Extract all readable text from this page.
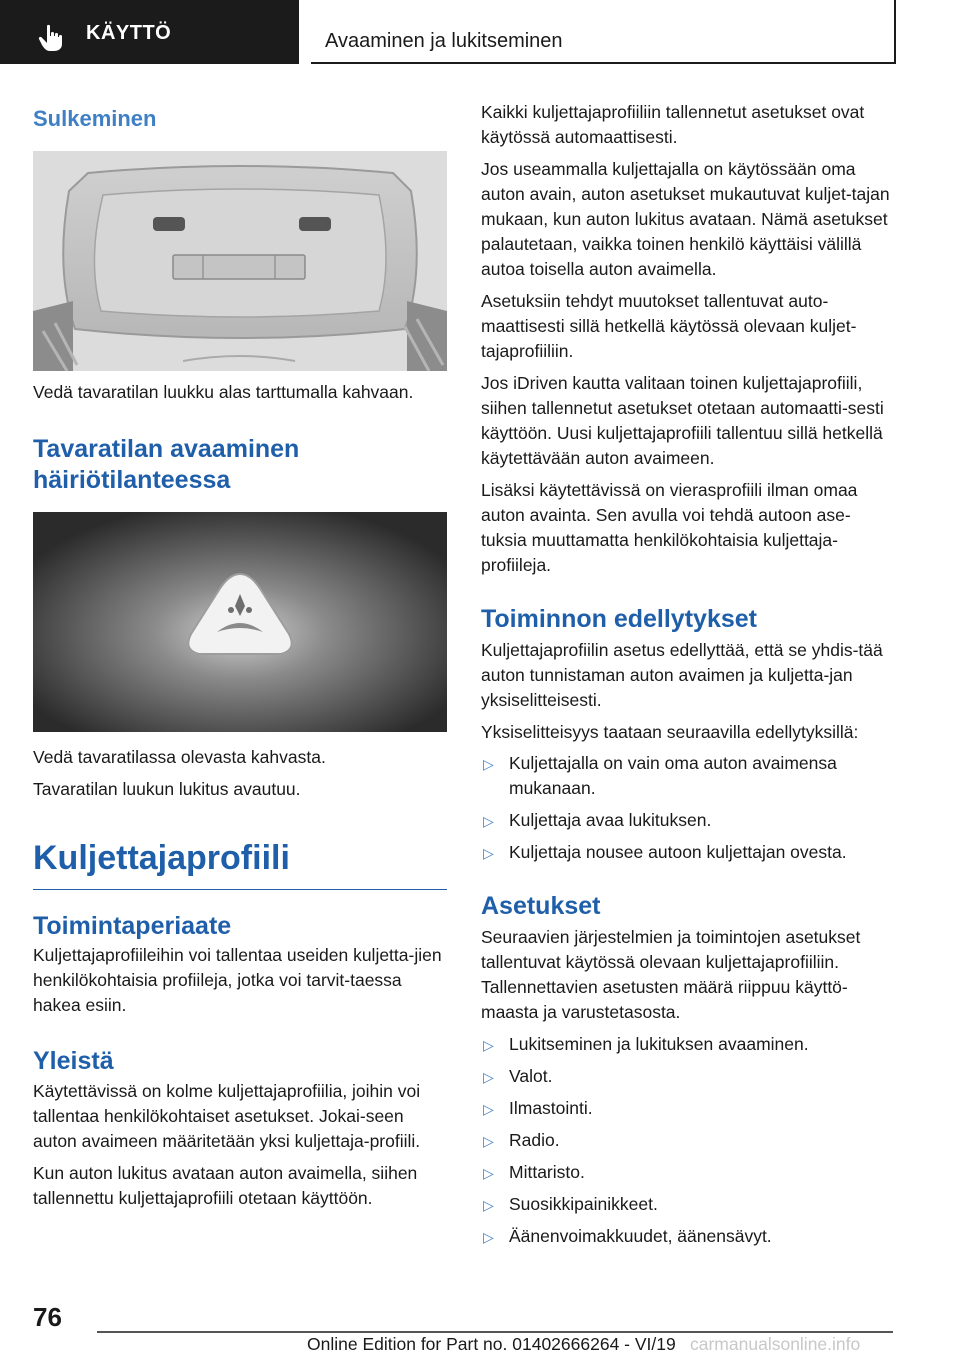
KÄYTTÖ	Avaaminen ja lukitseminen
Sulkeminen

Vedä tavaratilan luukku alas tarttumalla kahvaan.

Tavaratilan avaaminen häiriötilanteessa

Vedä tavaratilassa olevasta kahvasta.

Tavaratilan luukun lukitus avautuu.

Kuljettajaprofiili
Toimintaperiaate

Kuljettajaprofiileihin voi tallentaa useiden kuljetta-jien henkilökohtaisia profiileja, jotka voi tarvit-taessa hakea esiin.

Yleistä

Käytettävissä on kolme kuljettajaprofiilia, joihin voi tallentaa henkilökohtaiset asetukset. Jokai-seen auton avaimeen määritetään yksi kuljettaja-profiili.

Kun auton lukitus avataan auton avaimella, siihen tallennettu kuljettajaprofiili otetaan käyttöön.

Kaikki kuljettajaprofiiliin tallennetut asetukset ovat käytössä automaattisesti.

Jos useammalla kuljettajalla on käytössään oma auton avain, auton asetukset mukautuvat kuljet-tajan mukaan, kun auton lukitus avataan. Nämä asetukset palautetaan, vaikka toinen henkilö käyttäisi välillä autoa toisella auton avaimella.

Asetuksiin tehdyt muutokset tallentuvat auto-maattisesti sillä hetkellä käytössä olevaan kuljet-tajaprofiiliin.

Jos iDriven kautta valitaan toinen kuljettajaprofiili, siihen tallennetut asetukset otetaan automaatti-sesti käyttöön. Uusi kuljettajaprofiili tallentuu sillä hetkellä käytettävään auton avaimeen.

Lisäksi käytettävissä on vierasprofiili ilman omaa auton avainta. Sen avulla voi tehdä autoon ase-tuksia muuttamatta henkilökohtaisia kuljettaja-profiileja.

Toiminnon edellytykset

Kuljettajaprofiilin asetus edellyttää, että se yhdis-tää auton tunnistaman auton avaimen ja kuljetta-jan yksiselitteisesti.

Yksiselitteisyys taataan seuraavilla edellytyksillä:

▷ Kuljettajalla on vain oma auton avaimensa mukanaan.
▷ Kuljettaja avaa lukituksen.
▷ Kuljettaja nousee autoon kuljettajan ovesta.
Asetukset

Seuraavien järjestelmien ja toimintojen asetukset tallentuvat käytössä olevaan kuljettajaprofiiliin. Tallennettavien asetusten määrä riippuu käyttö-maasta ja varustetasosta.

▷ Lukitseminen ja lukituksen avaaminen.
▷ Valot.
▷ Ilmastointi.
▷ Radio.
▷ Mittaristo.
▷ Suosikkipainikkeet.
▷ Äänenvoimakkuudet, äänensävyt.
76
Online Edition for Part no. 01402666264 - VI/19 carmanualsonline.info
